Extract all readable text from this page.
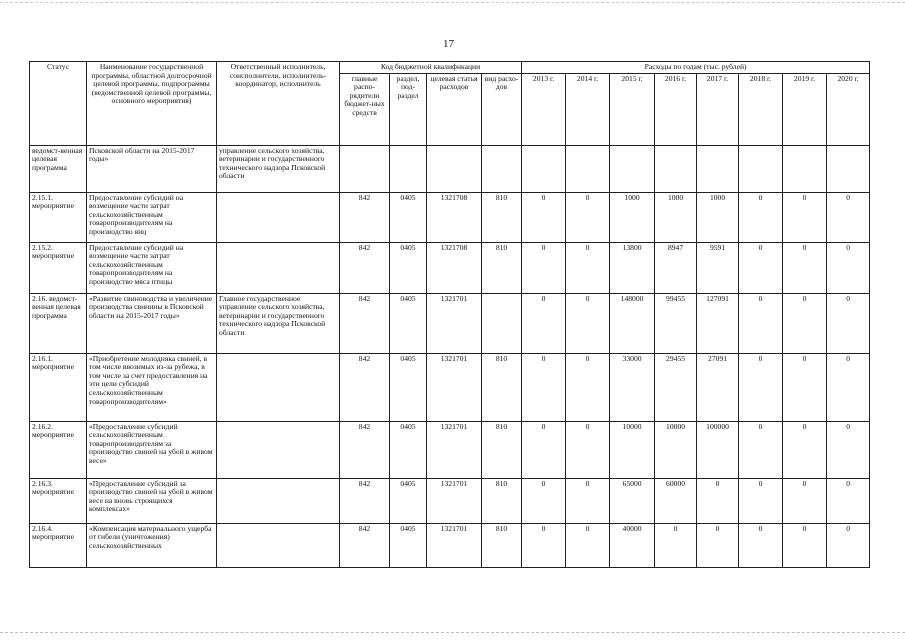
17
Статус	Наименование государственной программы, областной долгосрочной целевой программы, подпрограммы (ведомственной целевой программы, основного мероприятия)	Ответственный исполнитель, соисполнители, исполнитель-координатор, исполнитель	Код бюджетной квалификации				Расходы по годам (тыс. рублей)							
			главные распо-рядители бюджет-ных средств	раздел, под-раздел	целевая статья расходов	вид расхо-дов	2013 г.	2014 г.	2015 г.	2016 г.	2017 г.	2018 г.	2019 г.	2020 г.
ведомст-венная целевая программа	Псковской области на 2015-2017 годы»	управление сельского хозяйства, ветеринарии и государственного технического надзора Псковской области												
2.15.1. мероприятие	Предоставление субсидий на возмещение части затрат сельскохозяйственным товаропроизводителям на производство яиц		842	0405	1321708	810	0	0	1000	1000	1000	0	0	0
2.15.2. мероприятие	Предоставление субсидий на возмещение части затрат сельскохозяйственным товаропроизводителям на производство мяса птицы		842	0405	1321708	810	0	0	13800	8947	9591	0	0	0
2.16. ведомст-венная целевая программа	«Развитие свиноводства и увеличение производства свинины в Псковской области на 2015-2017 годы»	Главное государственное управление сельского хозяйства, ветеринарии и государственного технического надзора Псковской области	842	0405	1321701		0	0	148000	99455	127091	0	0	0
2.16.1. мероприятие	«Приобретение молодняка свиней, в том числе ввозимых из-за рубежа, в том числе за счет предоставления на эти цели субсидий сельскохозяйственным товаропроизводителям»		842	0405	1321701	810	0	0	33000	29455	27091	0	0	0
2.16.2. мероприятие	«Предоставление субсидий сельскохозяйственным товаропроизводителям за производство свиней на убой в живом весе»		842	0405	1321701	810	0	0	10000	10000	100000	0	0	0
2.16.3. мероприятие	«Предоставление субсидий за производство свиней на убой в живом весе на вновь строящихся комплексах»		842	0405	1321701	810	0	0	65000	60000	0	0	0	0
2.16.4. мероприятие	«Компенсация материального ущерба от гибели (уничтожения) сельскохозяйственных		842	0405	1321701	810	0	0	40000	0	0	0	0	0
